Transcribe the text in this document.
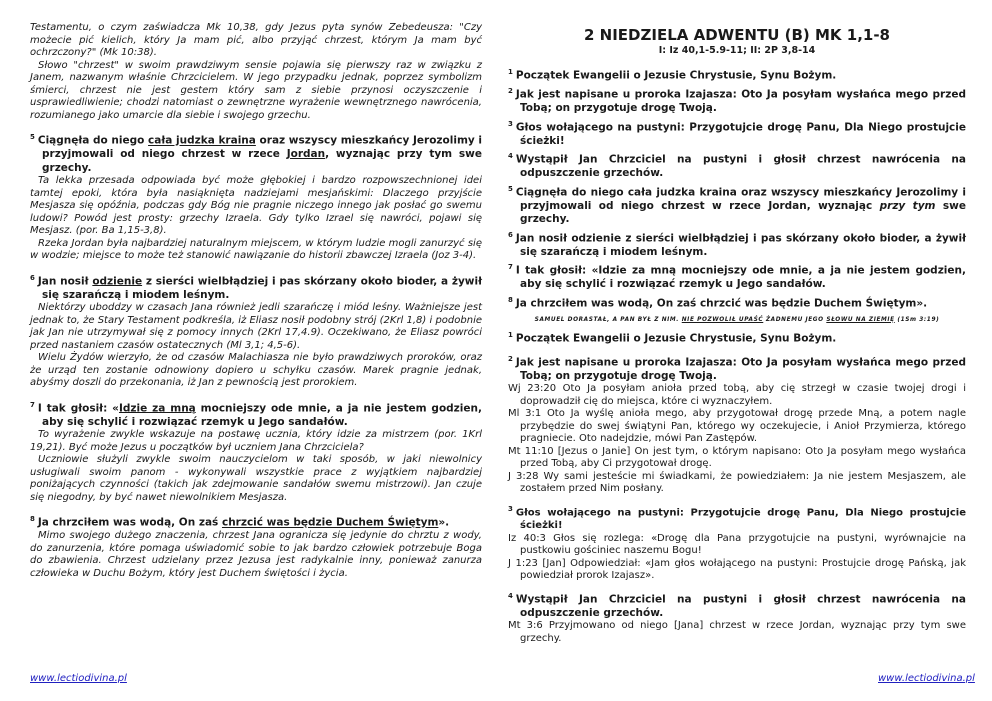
Testamentu, o czym zaświadcza Mk 10,38, gdy Jezus pyta synów Zebedeusza: "Czy możecie pić kielich, który Ja mam pić, albo przyjąć chrzest, którym Ja mam być ochrzczony?" (Mk 10:38).

Słowo "chrzest" w swoim prawdziwym sensie pojawia się pierwszy raz w związku z Janem, nazwanym właśnie Chrzcicielem. W jego przypadku jednak, poprzez symbolizm śmierci, chrzest nie jest gestem który sam z siebie przynosi oczyszczenie i usprawiedliwienie; chodzi natomiast o zewnętrzne wyrażenie wewnętrznego nawrócenia, rozumianego jako umarcie dla siebie i swojego grzechu.

$^5$ Ciągnęła do niego cała judzka kraina oraz wszyscy mieszkańcy Jerozolimy i przyjmowali od niego chrzest w rzece Jordan, wyznając przy tym swe grzechy.

Ta lekka przesada odpowiada być może głębokiej i bardzo rozpowszechnionej idei tamtej epoki, która była nasiąknięta nadziejami mesjańskimi: Dlaczego przyjście Mesjasza się opóźnia, podczas gdy Bóg nie pragnie niczego innego jak posłać go swemu ludowi? Powód jest prosty: grzechy Izraela. Gdy tylko Izrael się nawróci, pojawi się Mesjasz. (por. Ba 1,15-3,8).

Rzeka Jordan była najbardziej naturalnym miejscem, w którym ludzie mogli zanurzyć się w wodzie; miejsce to może też stanowić nawiązanie do historii zbawczej Izraela (Joz 3-4).

$^6$ Jan nosił odzienie z sierści wielbłądziej i pas skórzany około bioder, a żywił się szarańczą i miodem leśnym.

Niektórzy uboddzy w czasach Jana również jedli szarańczę i miód leśny. Ważniejsze jest jednak to, że Stary Testament podkreśla, iż Eliasz nosił podobny strój (2Krl 1,8) i podobnie jak Jan nie utrzymywał się z pomocy innych (2Krl 17,4.9). Oczekiwano, że Eliasz powróci przed nastaniem czasów ostatecznych (Ml 3,1; 4,5-6).

Wielu Żydów wierzyło, że od czasów Malachiasza nie było prawdziwych proroków, oraz że urząd ten zostanie odnowiony dopiero u schyłku czasów. Marek pragnie jednak, abyśmy doszli do przekonania, iż Jan z pewnością jest prorokiem.

$^7$ I tak głosił: «Idzie za mną mocniejszy ode mnie, a ja nie jestem godzien, aby się schylić i rozwiązać rzemyk u Jego sandałów.

To wyrażenie zwykle wskazuje na postawę ucznia, który idzie za mistrzem (por. 1Krl 19,21). Być może Jezus u początków był uczniem Jana Chrzciciela?

Uczniowie służyli zwykle swoim nauczycielom w taki sposób, w jaki niewolnicy usługiwali swoim panom - wykonywali wszystkie prace z wyjątkiem najbardziej poniżających czynności (takich jak zdejmowanie sandałów swemu mistrzowi). Jan czuje się niegodny, by być nawet niewolnikiem Mesjasza.

$^8$ Ja chrzciłem was wodą, On zaś chrzcić was będzie Duchem Świętym».

Mimo swojego dużego znaczenia, chrzest Jana ogranicza się jedynie do chrztu z wody, do zanurzenia, które pomaga uświadomić sobie to jak bardzo człowiek potrzebuje Boga do zbawienia. Chrzest udzielany przez Jezusa jest radykalnie inny, ponieważ zanurza człowieka w Duchu Bożym, który jest Duchem świętości i życia.

2 NIEDZIELA ADWENTU (B) MK 1,1-8
I: Iz 40,1-5.9-11; II: 2P 3,8-14

$^1$ Początek Ewangelii o Jezusie Chrystusie, Synu Bożym.

$^2$ Jak jest napisane u proroka Izajasza: Oto Ja posyłam wysłańca mego przed Tobą; on przygotuje drogę Twoją.

$^3$ Głos wołającego na pustyni: Przygotujcie drogę Panu, Dla Niego prostujcie ścieżki!

$^4$ Wystąpił Jan Chrzciciel na pustyni i głosił chrzest nawrócenia na odpuszczenie grzechów.

$^5$ Ciągnęła do niego cała judzka kraina oraz wszyscy mieszkańcy Jerozolimy i przyjmowali od niego chrzest w rzece Jordan, wyznając przy tym swe grzechy.

$^6$ Jan nosił odzienie z sierści wielbłądziej i pas skórzany około bioder, a żywił się szarańczą i miodem leśnym.

$^7$ I tak głosił: «Idzie za mną mocniejszy ode mnie, a ja nie jestem godzien, aby się schylić i rozwiązać rzemyk u Jego sandałów.

$^8$ Ja chrzciłem was wodą, On zaś chrzcić was będzie Duchem Świętym».

SAMUEL DORASTAŁ, A PAN BYŁ Z NIM. NIE POZWOLIŁ UPAŚĆ ŻADNEMU JEGO SŁOWU NA ZIEMIĘ (1Sm 3:19)

$^1$ Początek Ewangelii o Jezusie Chrystusie, Synu Bożym.

$^2$ Jak jest napisane u proroka Izajasza: Oto Ja posyłam wysłańca mego przed Tobą; on przygotuje drogę Twoją.

Wj 23:20 Oto Ja posyłam anioła przed tobą, aby cię strzegł w czasie twojej drogi i doprowadził cię do miejsca, które ci wyznaczyłem.

Ml 3:1 Oto Ja wyślę anioła mego, aby przygotował drogę przede Mną, a potem nagle przybędzie do swej świątyni Pan, którego wy oczekujecie, i Anioł Przymierza, którego pragniecie. Oto nadejdzie, mówi Pan Zastępów.

Mt 11:10 [Jezus o Janie] On jest tym, o którym napisano: Oto Ja posyłam mego wysłańca przed Tobą, aby Ci przygotował drogę.

J 3:28 Wy sami jesteście mi świadkami, że powiedziałem: Ja nie jestem Mesjaszem, ale zostałem przed Nim posłany.

$^3$ Głos wołającego na pustyni: Przygotujcie drogę Panu, Dla Niego prostujcie ścieżki!

Iz 40:3 Głos się rozlega: «Drogę dla Pana przygotujcie na pustyni, wyrównajcie na pustkowiu gościniec naszemu Bogu!

J 1:23 [Jan] Odpowiedział: «Jam głos wołającego na pustyni: Prostujcie drogę Pańską, jak powiedział prorok Izajasz».

$^4$ Wystąpił Jan Chrzciciel na pustyni i głosił chrzest nawrócenia na odpuszczenie grzechów.

Mt 3:6 Przyjmowano od niego [Jana] chrzest w rzece Jordan, wyznając przy tym swe grzechy.

www.lectiodivina.pl	www.lectiodivina.pl
